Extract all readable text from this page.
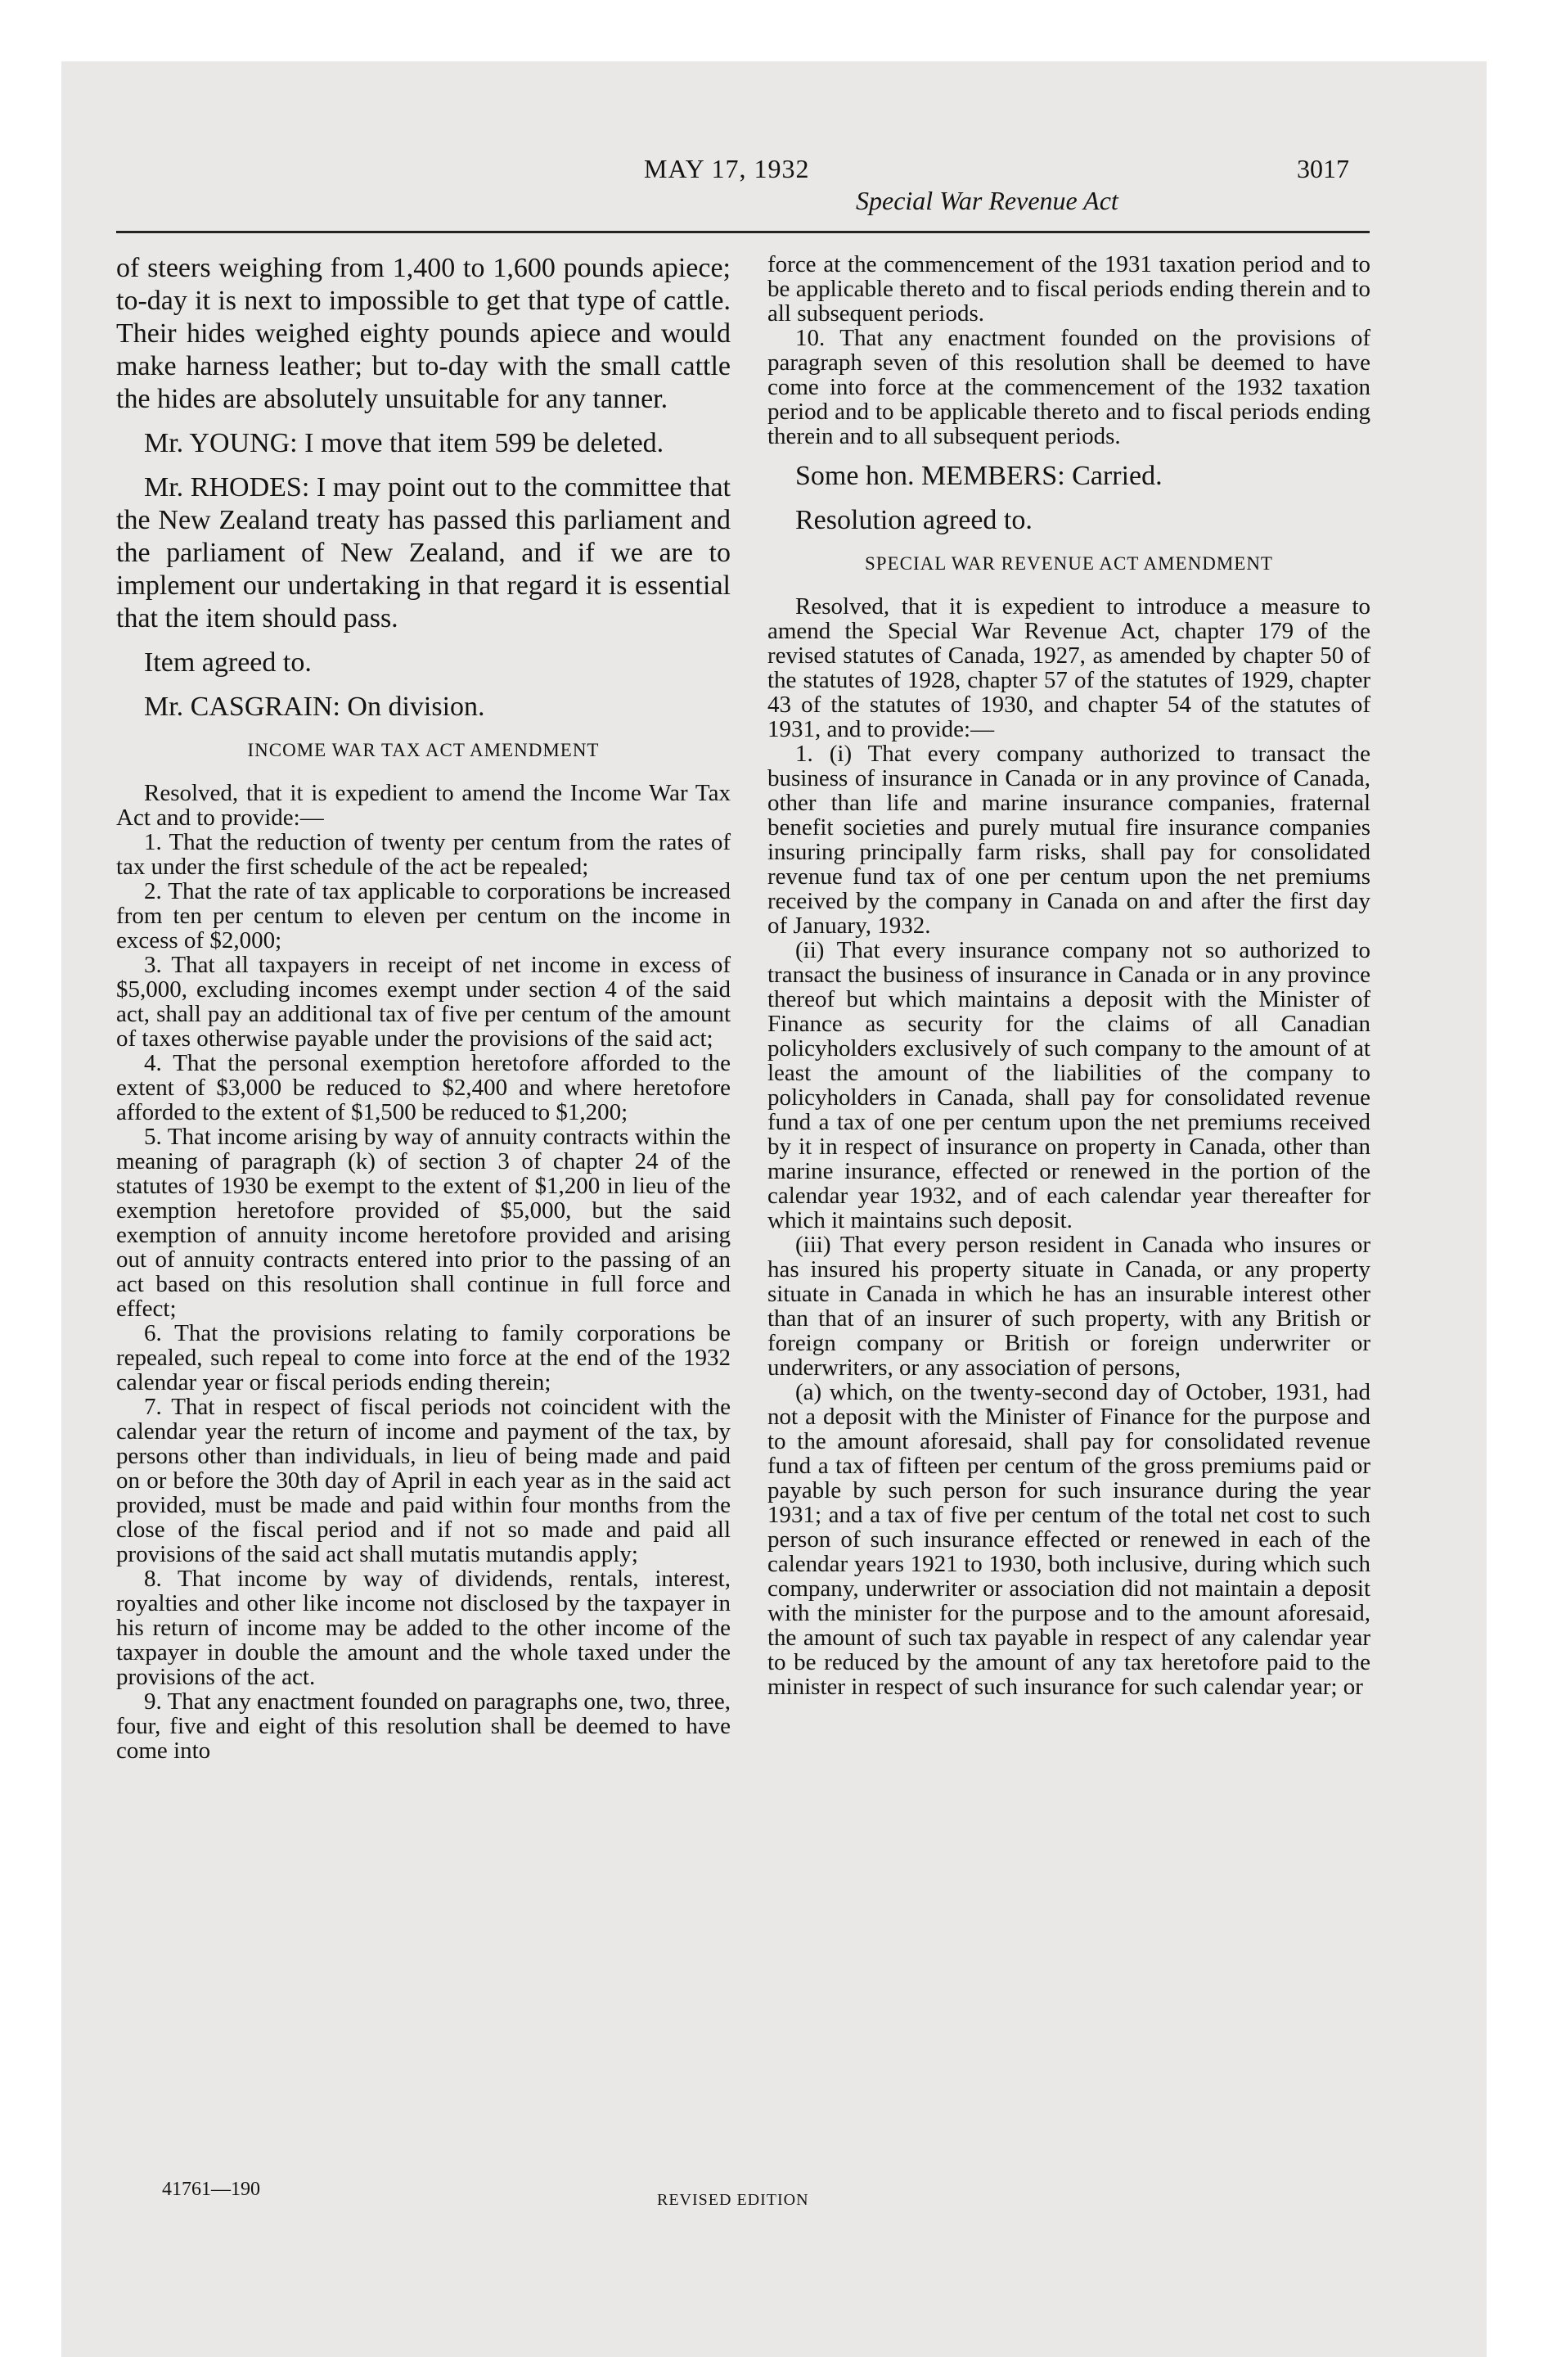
MAY 17, 1932	3017
Special War Revenue Act

of steers weighing from 1,400 to 1,600 pounds apiece; to-day it is next to impossible to get that type of cattle. Their hides weighed eighty pounds apiece and would make harness leather; but to-day with the small cattle the hides are absolutely unsuitable for any tanner.

Mr. YOUNG: I move that item 599 be deleted.

Mr. RHODES: I may point out to the committee that the New Zealand treaty has passed this parliament and the parliament of New Zealand, and if we are to implement our undertaking in that regard it is essential that the item should pass.

Item agreed to.

Mr. CASGRAIN: On division.

INCOME WAR TAX ACT AMENDMENT

Resolved, that it is expedient to amend the Income War Tax Act and to provide:—

1. That the reduction of twenty per centum from the rates of tax under the first schedule of the act be repealed;

2. That the rate of tax applicable to corporations be increased from ten per centum to eleven per centum on the income in excess of $2,000;

3. That all taxpayers in receipt of net income in excess of $5,000, excluding incomes exempt under section 4 of the said act, shall pay an additional tax of five per centum of the amount of taxes otherwise payable under the provisions of the said act;

4. That the personal exemption heretofore afforded to the extent of $3,000 be reduced to $2,400 and where heretofore afforded to the extent of $1,500 be reduced to $1,200;

5. That income arising by way of annuity contracts within the meaning of paragraph (k) of section 3 of chapter 24 of the statutes of 1930 be exempt to the extent of $1,200 in lieu of the exemption heretofore provided of $5,000, but the said exemption of annuity income heretofore provided and arising out of annuity contracts entered into prior to the passing of an act based on this resolution shall continue in full force and effect;

6. That the provisions relating to family corporations be repealed, such repeal to come into force at the end of the 1932 calendar year or fiscal periods ending therein;

7. That in respect of fiscal periods not coincident with the calendar year the return of income and payment of the tax, by persons other than individuals, in lieu of being made and paid on or before the 30th day of April in each year as in the said act provided, must be made and paid within four months from the close of the fiscal period and if not so made and paid all provisions of the said act shall mutatis mutandis apply;

8. That income by way of dividends, rentals, interest, royalties and other like income not disclosed by the taxpayer in his return of income may be added to the other income of the taxpayer in double the amount and the whole taxed under the provisions of the act.

9. That any enactment founded on paragraphs one, two, three, four, five and eight of this resolution shall be deemed to have come into

force at the commencement of the 1931 taxation period and to be applicable thereto and to fiscal periods ending therein and to all subsequent periods.

10. That any enactment founded on the provisions of paragraph seven of this resolution shall be deemed to have come into force at the commencement of the 1932 taxation period and to be applicable thereto and to fiscal periods ending therein and to all subsequent periods.

Some hon. MEMBERS: Carried.

Resolution agreed to.

SPECIAL WAR REVENUE ACT AMENDMENT

Resolved, that it is expedient to introduce a measure to amend the Special War Revenue Act, chapter 179 of the revised statutes of Canada, 1927, as amended by chapter 50 of the statutes of 1928, chapter 57 of the statutes of 1929, chapter 43 of the statutes of 1930, and chapter 54 of the statutes of 1931, and to provide:—

1. (i) That every company authorized to transact the business of insurance in Canada or in any province of Canada, other than life and marine insurance companies, fraternal benefit societies and purely mutual fire insurance companies insuring principally farm risks, shall pay for consolidated revenue fund tax of one per centum upon the net premiums received by the company in Canada on and after the first day of January, 1932.

(ii) That every insurance company not so authorized to transact the business of insurance in Canada or in any province thereof but which maintains a deposit with the Minister of Finance as security for the claims of all Canadian policyholders exclusively of such company to the amount of at least the amount of the liabilities of the company to policyholders in Canada, shall pay for consolidated revenue fund a tax of one per centum upon the net premiums received by it in respect of insurance on property in Canada, other than marine insurance, effected or renewed in the portion of the calendar year 1932, and of each calendar year thereafter for which it maintains such deposit.

(iii) That every person resident in Canada who insures or has insured his property situate in Canada, or any property situate in Canada in which he has an insurable interest other than that of an insurer of such property, with any British or foreign company or British or foreign underwriter or underwriters, or any association of persons,

(a) which, on the twenty-second day of October, 1931, had not a deposit with the Minister of Finance for the purpose and to the amount aforesaid, shall pay for consolidated revenue fund a tax of fifteen per centum of the gross premiums paid or payable by such person for such insurance during the year 1931; and a tax of five per centum of the total net cost to such person of such insurance effected or renewed in each of the calendar years 1921 to 1930, both inclusive, during which such company, underwriter or association did not maintain a deposit with the minister for the purpose and to the amount aforesaid, the amount of such tax payable in respect of any calendar year to be reduced by the amount of any tax heretofore paid to the minister in respect of such insurance for such calendar year; or

41761—190	REVISED EDITION
